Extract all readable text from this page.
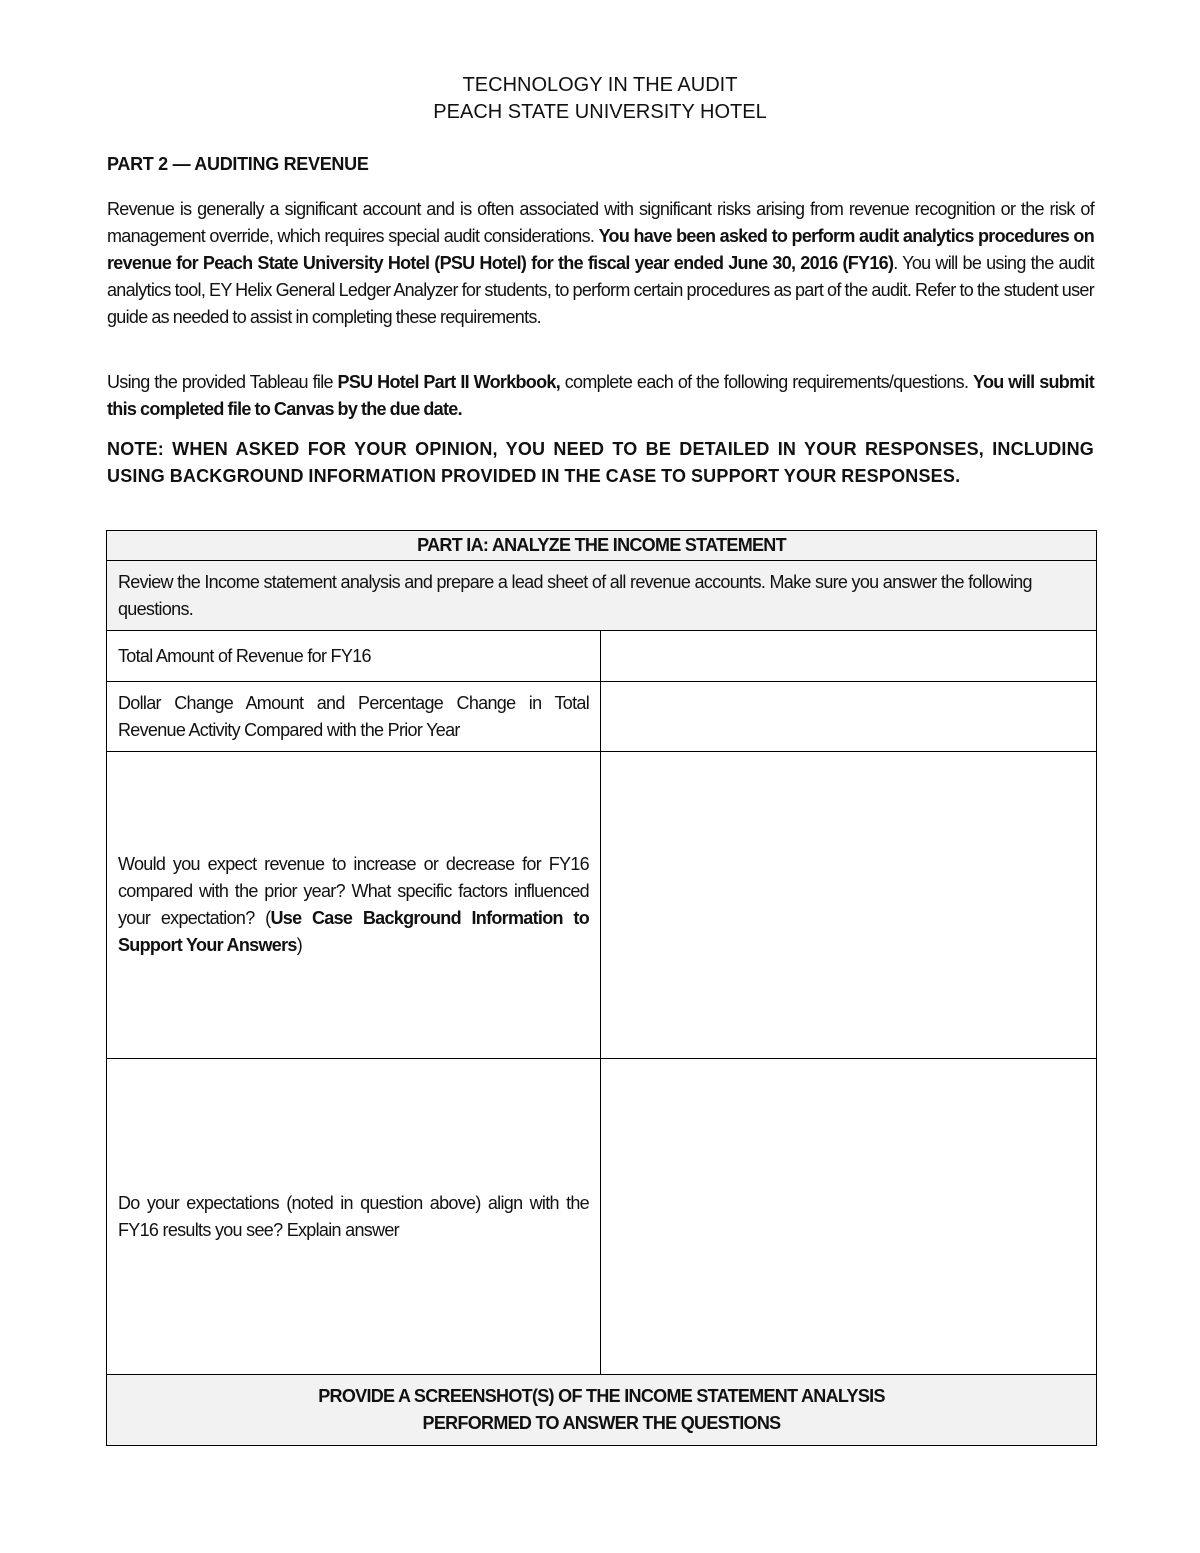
TECHNOLOGY IN THE AUDIT
PEACH STATE UNIVERSITY HOTEL
PART 2 — AUDITING REVENUE
Revenue is generally a significant account and is often associated with significant risks arising from revenue recognition or the risk of management override, which requires special audit considerations. You have been asked to perform audit analytics procedures on revenue for Peach State University Hotel (PSU Hotel) for the fiscal year ended June 30, 2016 (FY16). You will be using the audit analytics tool, EY Helix General Ledger Analyzer for students, to perform certain procedures as part of the audit. Refer to the student user guide as needed to assist in completing these requirements.
Using the provided Tableau file PSU Hotel Part II Workbook, complete each of the following requirements/questions. You will submit this completed file to Canvas by the due date.
NOTE: WHEN ASKED FOR YOUR OPINION, YOU NEED TO BE DETAILED IN YOUR RESPONSES, INCLUDING USING BACKGROUND INFORMATION PROVIDED IN THE CASE TO SUPPORT YOUR RESPONSES.
PART IA: ANALYZE THE INCOME STATEMENT	
Review the Income statement analysis and prepare a lead sheet of all revenue accounts. Make sure you answer the following questions.	
Total Amount of Revenue for FY16	
Dollar Change Amount and Percentage Change in Total Revenue Activity Compared with the Prior Year	
Would you expect revenue to increase or decrease for FY16 compared with the prior year? What specific factors influenced your expectation? (Use Case Background Information to Support Your Answers)	
Do your expectations (noted in question above) align with the FY16 results you see? Explain answer	

PROVIDE A SCREENSHOT(S) OF THE INCOME STATEMENT ANALYSIS
PERFORMED TO ANSWER THE QUESTIONS	
